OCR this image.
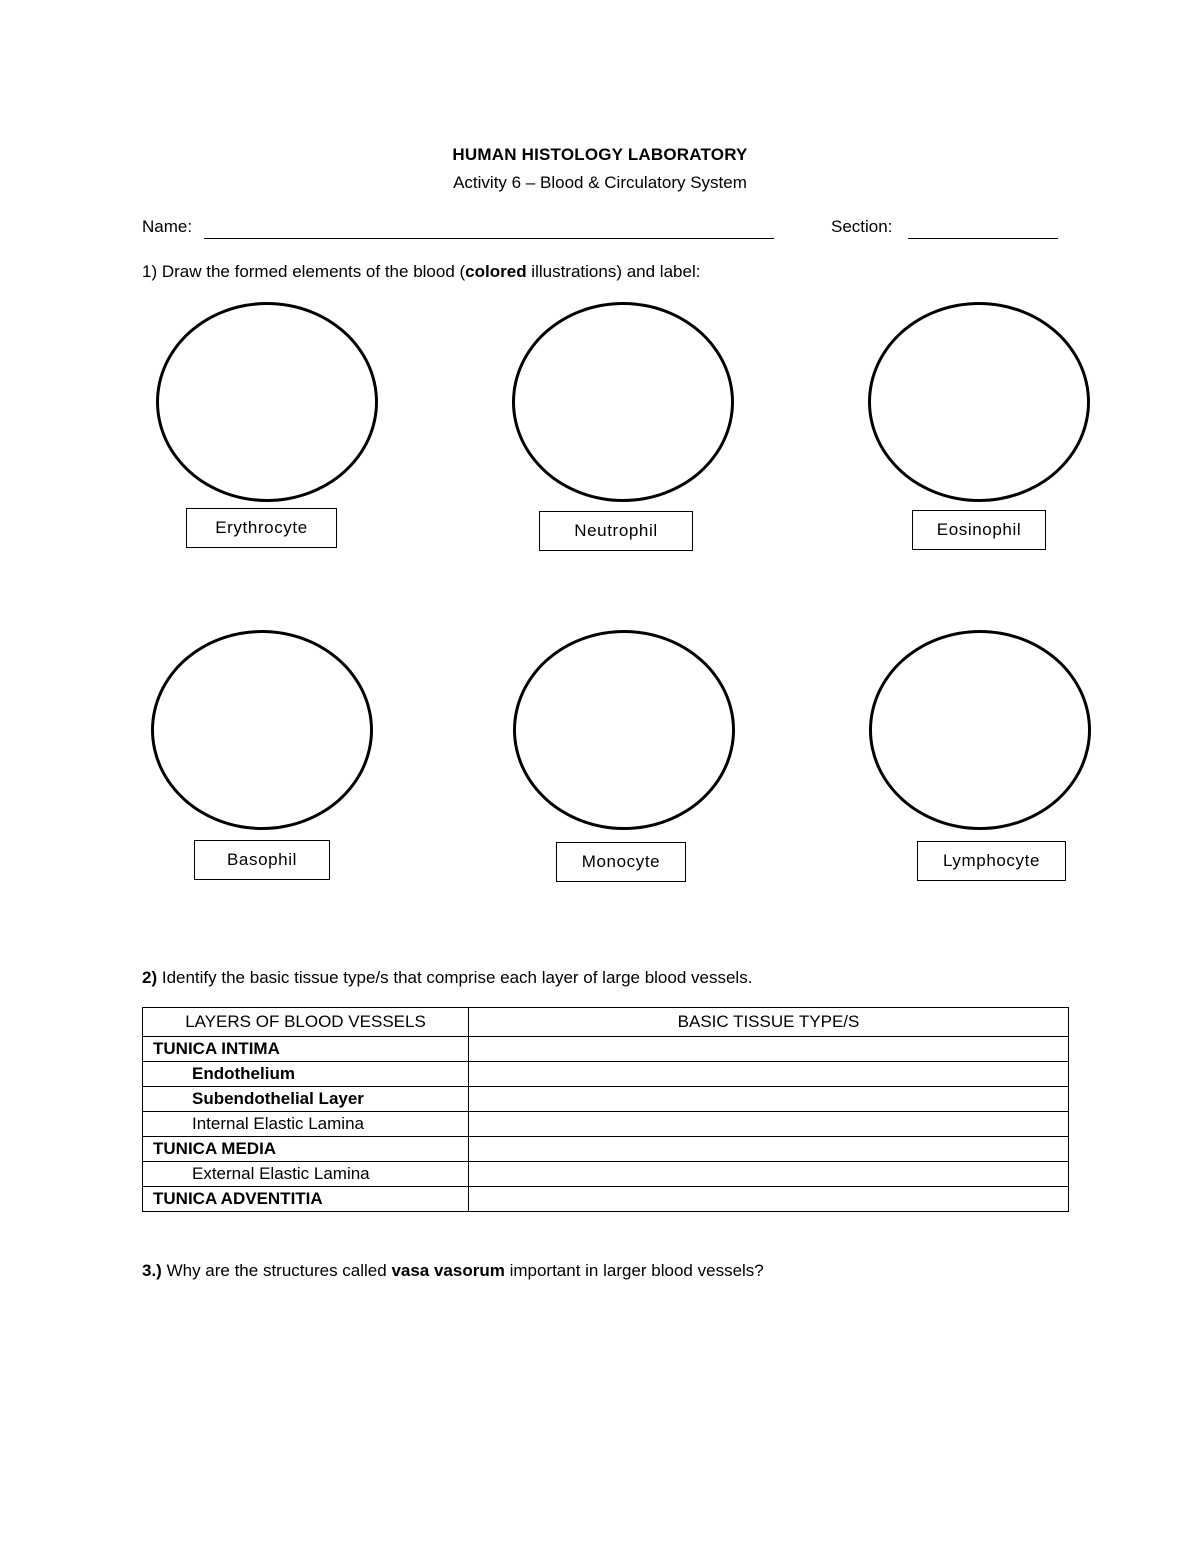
HUMAN HISTOLOGY LABORATORY
Activity 6 – Blood & Circulatory System
Name:	Section:
1) Draw the formed elements of the blood (colored illustrations) and label:
Erythrocyte	Neutrophil	Eosinophil
Basophil	Monocyte	Lymphocyte
2) Identify the basic tissue type/s that comprise each layer of large blood vessels.
LAYERS OF BLOOD VESSELS	BASIC TISSUE TYPE/S
TUNICA INTIMA	
Endothelium	
Subendothelial Layer	
Internal Elastic Lamina	
TUNICA MEDIA	
External Elastic Lamina	
TUNICA ADVENTITIA	
3.) Why are the structures called vasa vasorum important in larger blood vessels?
